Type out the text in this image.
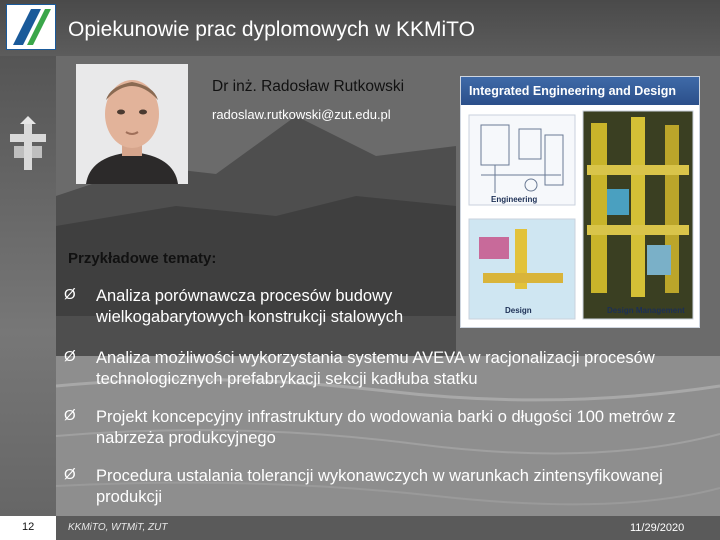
Opiekunowie prac dyplomowych w KKMiTO
Dr inż. Radosław Rutkowski
radoslaw.rutkowski@zut.edu.pl
Integrated Engineering and Design
Engineering
Design	Design Management
Przykładowe tematy:
Ø Analiza porównawcza procesów budowy wielkogabarytowych konstrukcji stalowych
Ø Analiza możliwości wykorzystania systemu AVEVA w racjonalizacji procesów technologicznych prefabrykacji sekcji kadłuba statku
Ø Projekt koncepcyjny infrastruktury do wodowania barki o długości 100 metrów z nabrzeża produkcyjnego
Ø Procedura ustalania tolerancji wykonawczych w warunkach zintensyfikowanej produkcji
12	KKMiTO, WTMiT, ZUT	11/29/2020
